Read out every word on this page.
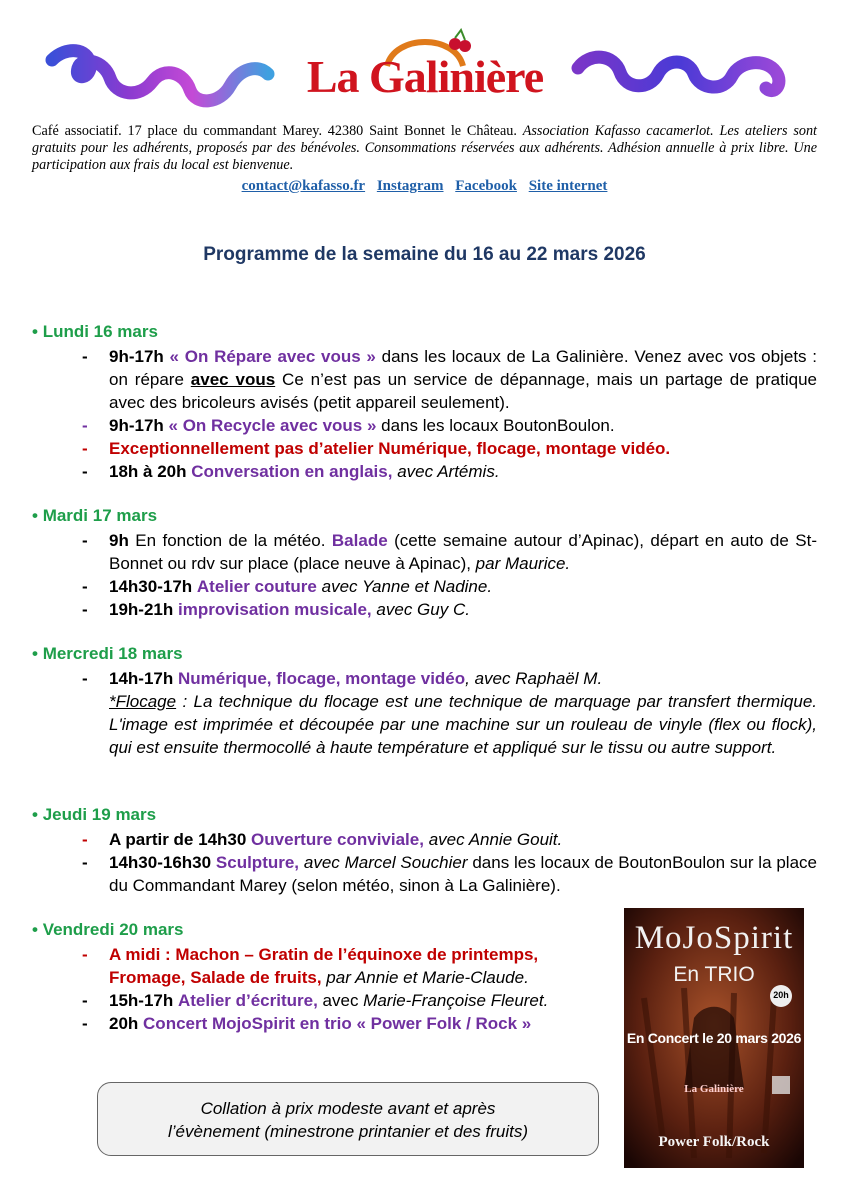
La Galinière
Café associatif. 17 place du commandant Marey. 42380 Saint Bonnet le Château. Association Kafasso cacamerlot. Les ateliers sont gratuits pour les adhérents, proposés par des bénévoles. Consommations réservées aux adhérents. Adhésion annuelle à prix libre. Une participation aux frais du local est bienvenue.
contact@kafasso.fr Instagram Facebook Site internet
Programme de la semaine du 16 au 22 mars 2026
• Lundi 16 mars
- 9h-17h « On Répare avec vous » dans les locaux de La Galinière. Venez avec vos objets : on répare avec vous Ce n’est pas un service de dépannage, mais un partage de pratique avec des bricoleurs avisés (petit appareil seulement).
- 9h-17h « On Recycle avec vous » dans les locaux BoutonBoulon.
- Exceptionnellement pas d’atelier Numérique, flocage, montage vidéo.
- 18h à 20h Conversation en anglais, avec Artémis.
• Mardi 17 mars
- 9h En fonction de la météo. Balade (cette semaine autour d’Apinac), départ en auto de St-Bonnet ou rdv sur place (place neuve à Apinac), par Maurice.
- 14h30-17h Atelier couture avec Yanne et Nadine.
- 19h-21h improvisation musicale, avec Guy C.
• Mercredi 18 mars
- 14h-17h Numérique, flocage, montage vidéo, avec Raphaël M.

*Flocage : La technique du flocage est une technique de marquage par transfert thermique. L'image est imprimée et découpée par une machine sur un rouleau de vinyle (flex ou flock), qui est ensuite thermocollé à haute température et appliqué sur le tissu ou autre support.
• Jeudi 19 mars
- A partir de 14h30 Ouverture conviviale, avec Annie Gouit.
- 14h30-16h30 Sculpture, avec Marcel Souchier dans les locaux de BoutonBoulon sur la place du Commandant Marey (selon météo, sinon à La Galinière).
• Vendredi 20 mars
- A midi : Machon – Gratin de l’équinoxe de printemps, Fromage, Salade de fruits, par Annie et Marie-Claude.
- 15h-17h Atelier d’écriture, avec Marie-Françoise Fleuret.
- 20h Concert MojoSpirit en trio « Power Folk / Rock »
MoJoSpirit
En TRIO
20h
En Concert le 20 mars 2026
La Galinière
Power Folk/Rock
Collation à prix modeste avant et après
l’évènement (minestrone printanier et des fruits)
